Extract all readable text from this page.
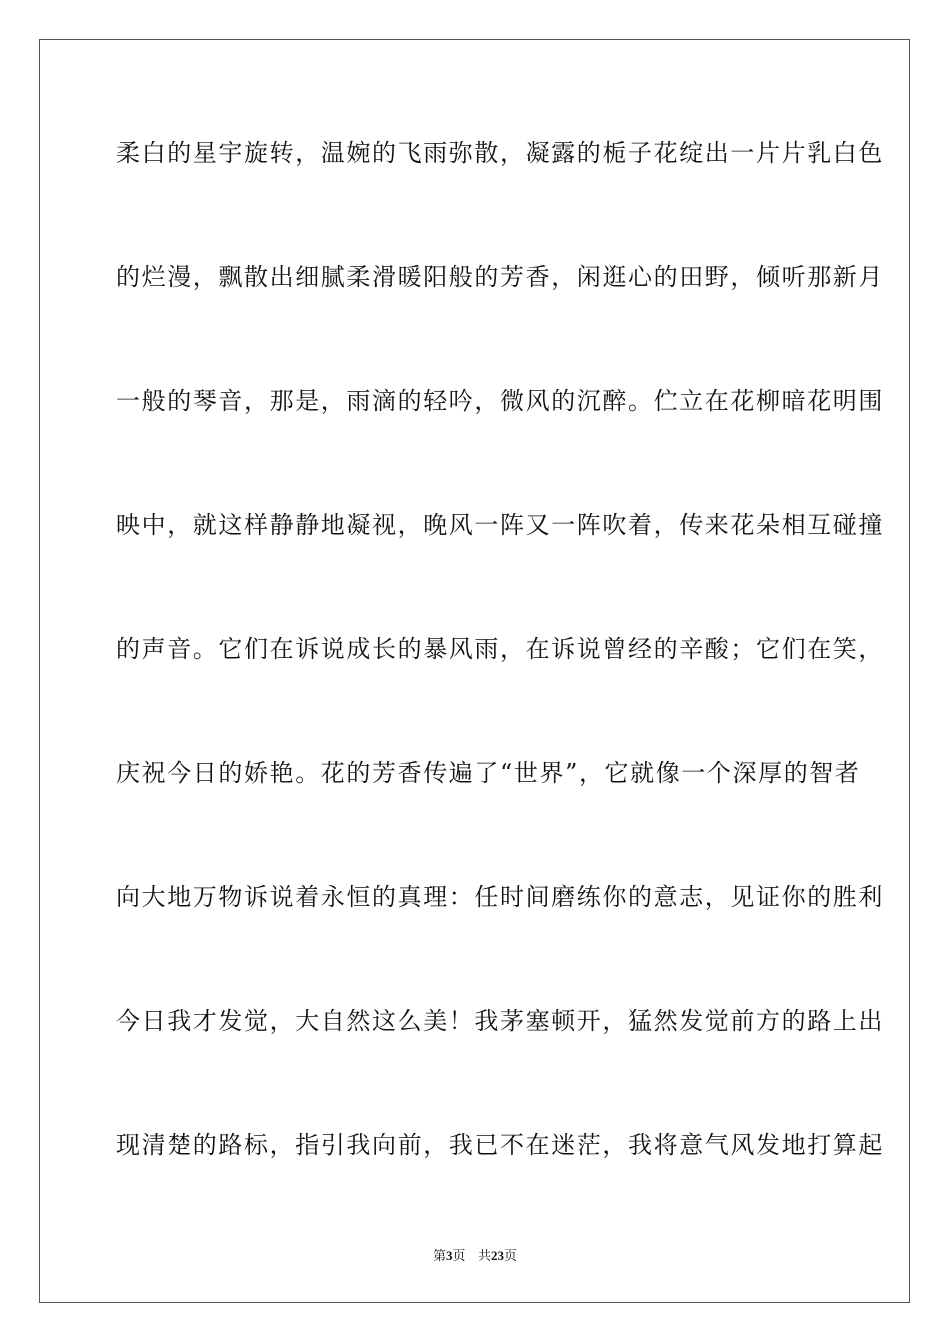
柔白的星宇旋转，温婉的飞雨弥散，凝露的栀子花绽出一片片乳白色
的烂漫，飘散出细腻柔滑暖阳般的芳香，闲逛心的田野，倾听那新月
一般的琴音，那是，雨滴的轻吟，微风的沉醉。伫立在花柳暗花明围
映中，就这样静静地凝视，晚风一阵又一阵吹着，传来花朵相互碰撞
的声音。它们在诉说成长的暴风雨，在诉说曾经的辛酸；它们在笑，
庆祝今日的娇艳。花的芳香传遍了“世界”，它就像一个深厚的智者
向大地万物诉说着永恒的真理：任时间磨练你的意志，见证你的胜利
今日我才发觉，大自然这么美！我茅塞顿开，猛然发觉前方的路上出
现清楚的路标，指引我向前，我已不在迷茫，我将意气风发地打算起
第3页 共23页
